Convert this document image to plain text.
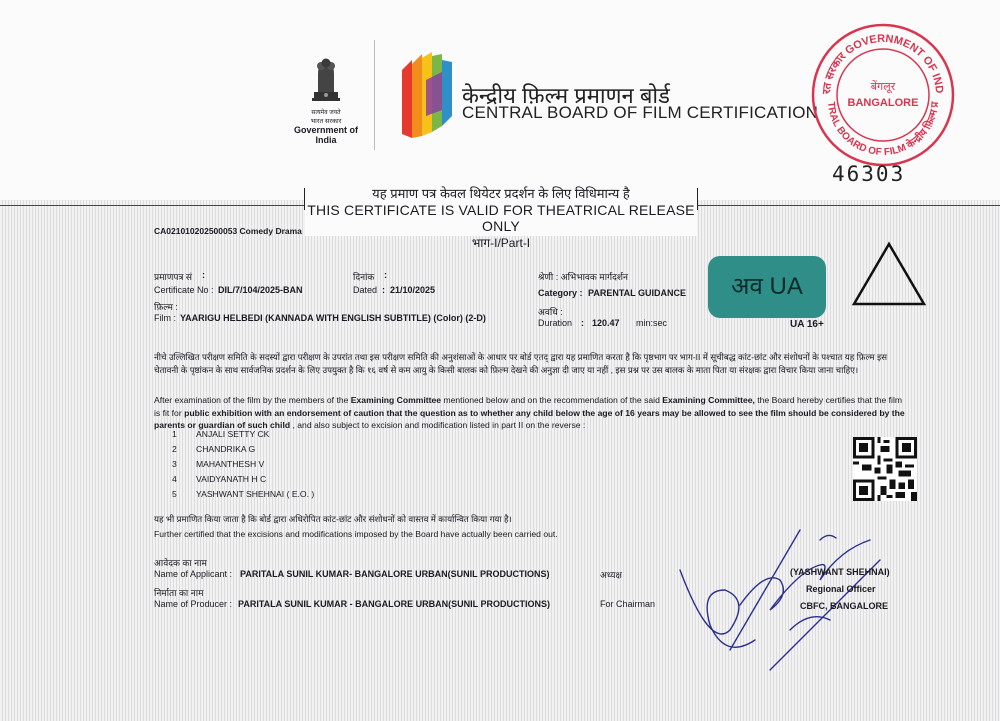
सत्यमेव जयते
भारत सरकार
Government of India
केन्द्रीय फ़िल्म प्रमाणन बोर्ड
CENTRAL BOARD OF FILM CERTIFICATION
रत सरकार GOVERNMENT OF IND
TRAL BOARD OF FILM केन्द्रीय फ़िल्म प्र
बेंगलूर
BANGALORE
46303
यह प्रमाण पत्र केवल थियेटर प्रदर्शन के लिए विधिमान्य है
THIS CERTIFICATE IS VALID FOR THEATRICAL RELEASE ONLY
भाग-I/Part-I
CA021010202500053 Comedy Drama
प्रमाणपत्र सं :
Certificate No : DIL/7/104/2025-BAN
दिनांक :
Dated : 21/10/2025
श्रेणी : अभिभावक मार्गदर्शन
Category : PARENTAL GUIDANCE
फ़िल्म :
Film : YAARIGU HELBEDI (KANNADA WITH ENGLISH SUBTITLE) (Color) (2-D)
अवधि :
Duration : 120.47 min:sec
अव UA
UA 16+
नीचे उल्लिखित परीक्षण समिति के सदस्यों द्वारा परीक्षण के उपरांत तथा इस परीक्षण समिति की अनुशंसाओं के आधार पर बोर्ड एतद् द्वारा यह प्रमाणित करता है कि पृष्ठभाग पर भाग-II में सूचीबद्ध कांट-छांट और संशोधनों के पश्चात यह फ़िल्म इस चेतावनी के पृष्ठांकन के साथ सार्वजनिक प्रदर्शन के लिए उपयुक्त है कि १६ वर्ष से कम आयु के किसी बालक को फ़िल्म देखने की अनुज्ञा दी जाए या नहीं , इस प्रश्न पर उस बालक के माता पिता या संरक्षक द्वारा विचार किया जाना चाहिए।
After examination of the film by the members of the Examining Committee mentioned below and on the recommendation of the said Examining Committee, the Board hereby certifies that the film is fit for public exhibition with an endorsement of caution that the question as to whether any child below the age of 16 years may be allowed to see the film should be considered by the parents or guardian of such child , and also subject to excision and modification listed in part II on the reverse :
1 ANJALI SETTY CK
2 CHANDRIKA G
3 MAHANTHESH V
4 VAIDYANATH H C
5 YASHWANT SHEHNAI ( E.O. )
यह भी प्रमाणित किया जाता है कि बोर्ड द्वारा अधिरोपित कांट-छांट और संशोधनों को वास्तव में कार्यान्वित किया गया है।
Further certified that the excisions and modifications imposed by the Board have actually been carried out.
आवेदक का नाम
Name of Applicant : PARITALA SUNIL KUMAR- BANGALORE URBAN(SUNIL PRODUCTIONS)
निर्माता का नाम
Name of Producer : PARITALA SUNIL KUMAR - BANGALORE URBAN(SUNIL PRODUCTIONS)
अध्यक्ष
For Chairman
(YASHWANT SHEHNAI)
Regional Officer
CBFC, BANGALORE
